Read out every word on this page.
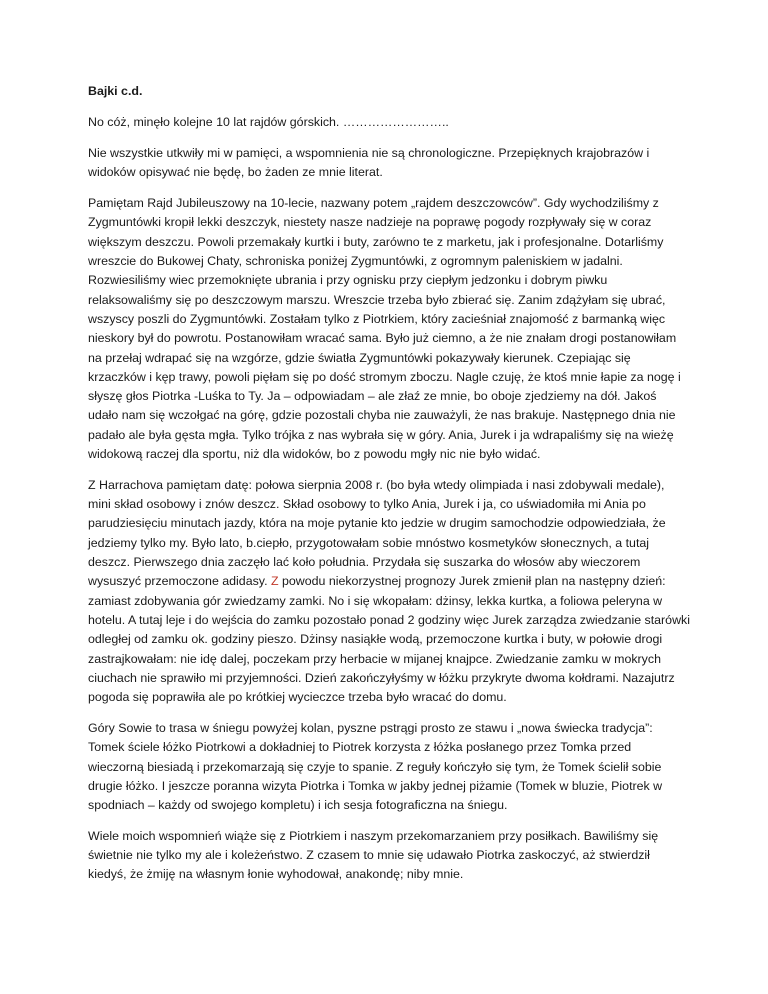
Bajki c.d.

No cóż, minęło kolejne 10 lat rajdów górskich. ……………………..

Nie wszystkie utkwiły mi w pamięci, a wspomnienia nie są chronologiczne. Przepięknych krajobrazów i widoków opisywać nie będę, bo żaden ze mnie literat.

Pamiętam Rajd Jubileuszowy na 10-lecie, nazwany potem „rajdem deszczowców”. Gdy wychodziliśmy z Zygmuntówki kropił lekki deszczyk, niestety nasze nadzieje na poprawę pogody rozpływały się w coraz większym deszczu. Powoli przemakały kurtki i buty, zarówno te z marketu, jak i profesjonalne. Dotarliśmy wreszcie do Bukowej Chaty, schroniska poniżej Zygmuntówki, z ogromnym paleniskiem w jadalni. Rozwiesiliśmy wiec przemoknięte ubrania i przy ognisku przy ciepłym jedzonku i dobrym piwku relaksowaliśmy się po deszczowym marszu. Wreszcie trzeba było zbierać się. Zanim zdążyłam się ubrać, wszyscy poszli do Zygmuntówki. Zostałam tylko z Piotrkiem, który zacieśniał znajomość z barmanką więc nieskory był do powrotu. Postanowiłam wracać sama. Było już ciemno, a że nie znałam drogi postanowiłam na przełaj wdrapać się na wzgórze, gdzie światła Zygmuntówki pokazywały kierunek. Czepiając się krzaczków i kęp trawy, powoli pięłam się po dość stromym zboczu. Nagle czuję, że ktoś mnie łapie za nogę i słyszę głos Piotrka -Luśka to Ty. Ja – odpowiadam – ale złaź ze mnie, bo oboje zjedziemy na dół. Jakoś udało nam się wczołgać na górę, gdzie pozostali chyba nie zauważyli, że nas brakuje. Następnego dnia nie padało ale była gęsta mgła. Tylko trójka z nas wybrała się w góry. Ania, Jurek i ja wdrapaliśmy się na wieżę widokową raczej dla sportu, niż dla widoków, bo z powodu mgły nic nie było widać.

Z Harrachova pamiętam datę: połowa sierpnia 2008 r. (bo była wtedy olimpiada i nasi zdobywali medale), mini skład osobowy i znów deszcz. Skład osobowy to tylko Ania, Jurek i ja, co uświadomiła mi Ania po parudziesięciu minutach jazdy, która na moje pytanie kto jedzie w drugim samochodzie odpowiedziała, że jedziemy tylko my. Było lato, b.ciepło, przygotowałam sobie mnóstwo kosmetyków słonecznych, a tutaj deszcz. Pierwszego dnia zaczęło lać koło południa. Przydała się suszarka do włosów aby wieczorem wysuszyć przemoczone adidasy. Z powodu niekorzystnej prognozy Jurek zmienił plan na następny dzień: zamiast zdobywania gór zwiedzamy zamki. No i się wkopałam: dżinsy, lekka kurtka, a foliowa peleryna w hotelu. A tutaj leje i do wejścia do zamku pozostało ponad 2 godziny więc Jurek zarządza zwiedzanie starówki odległej od zamku ok. godziny pieszo. Dżinsy nasiąkłe wodą, przemoczone kurtka i buty, w połowie drogi zastrajkowałam: nie idę dalej, poczekam przy herbacie w mijanej knajpce. Zwiedzanie zamku w mokrych ciuchach nie sprawiło mi przyjemności. Dzień zakończyłyśmy w łóżku przykryte dwoma kołdrami. Nazajutrz pogoda się poprawiła ale po krótkiej wycieczce trzeba było wracać do domu.

Góry Sowie to trasa w śniegu powyżej kolan, pyszne pstrągi prosto ze stawu i „nowa świecka tradycja”: Tomek ściele łóżko Piotrkowi a dokładniej to Piotrek korzysta z łóżka posłanego przez Tomka przed wieczorną biesiadą i przekomarzają się czyje to spanie. Z reguły kończyło się tym, że Tomek ścielił sobie drugie łóżko. I jeszcze poranna wizyta Piotrka i Tomka w jakby jednej piżamie (Tomek w bluzie, Piotrek w spodniach – każdy od swojego kompletu) i ich sesja fotograficzna na śniegu.

Wiele moich wspomnień wiąże się z Piotrkiem i naszym przekomarzaniem przy posiłkach. Bawiliśmy się świetnie nie tylko my ale i koleżeństwo. Z czasem to mnie się udawało Piotrka zaskoczyć, aż stwierdził kiedyś, że żmiję na własnym łonie wyhodował, anakondę; niby mnie.
